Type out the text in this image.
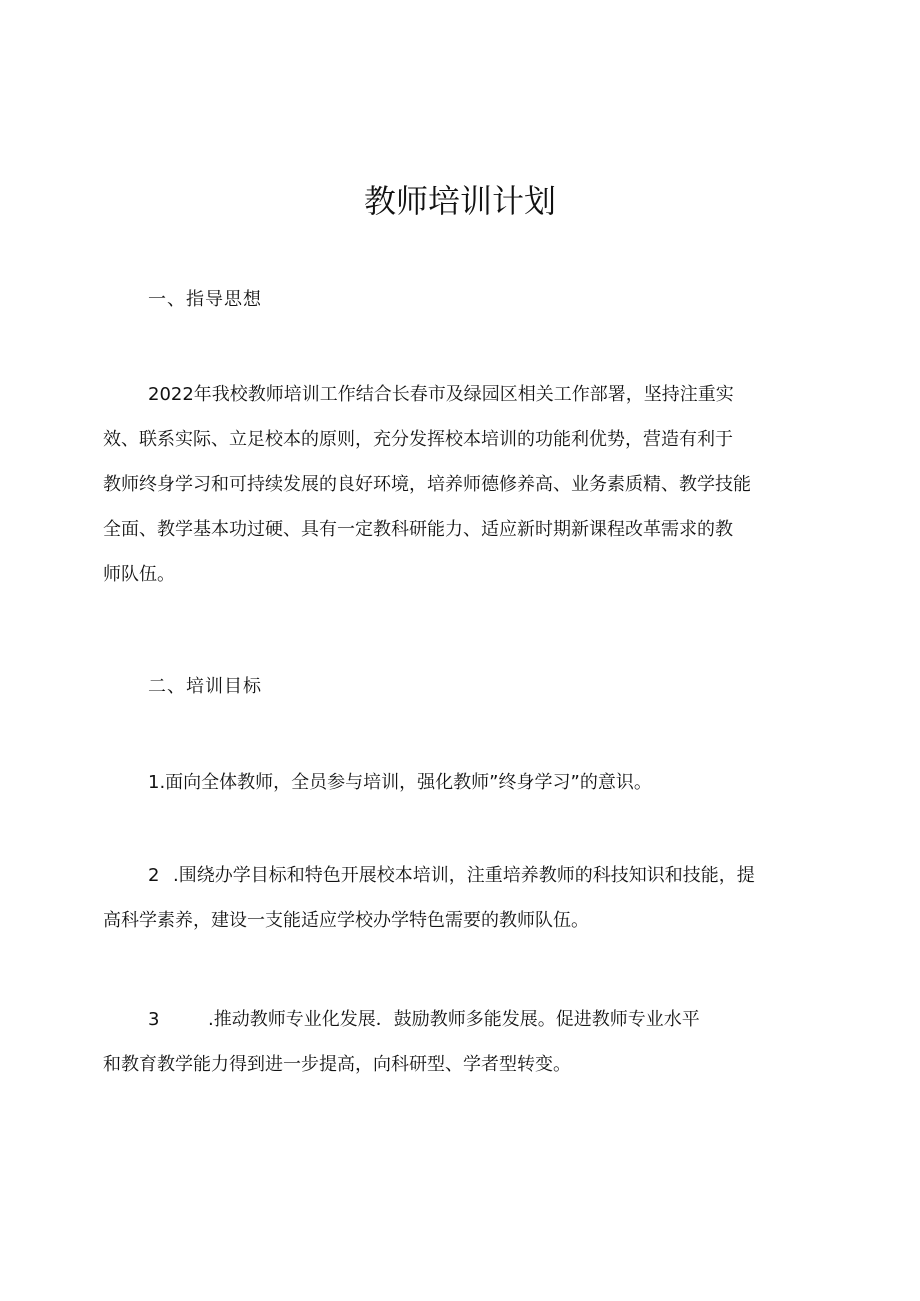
教师培训计划
一、指导思想
2022年我校教师培训工作结合长春市及绿园区相关工作部署，坚持注重实
效、联系实际、立足校本的原则，充分发挥校本培训的功能利优势，营造有利于
教师终身学习和可持续发展的良好环境，培养师德修养高、业务素质精、教学技能
全面、教学基本功过硬、具有一定教科研能力、适应新时期新课程改革需求的教
师队伍。
二、培训目标
1.面向全体教师，全员参与培训，强化教师”终身学习”的意识。
2 .围绕办学目标和特色开展校本培训，注重培养教师的科技知识和技能，提
高科学素养，建设一支能适应学校办学特色需要的教师队伍。
3	.推动教师专业化发展．鼓励教师多能发展。促进教师专业水平
和教育教学能力得到进一步提高，向科研型、学者型转变。
